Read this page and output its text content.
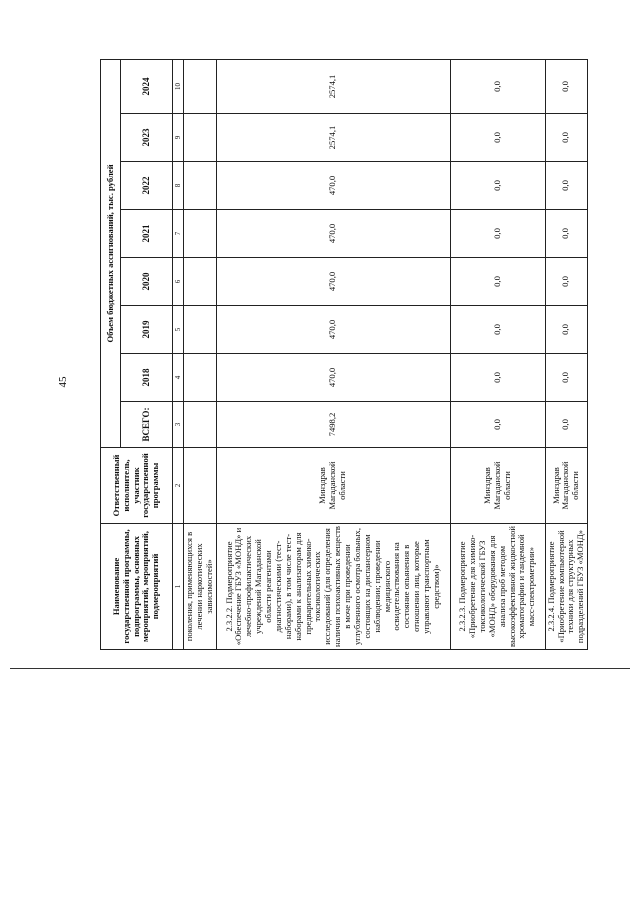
45
Наименование государственной программы, подпрограммы, основных мероприятий, мероприятий, подмероприятий	Ответственный исполнитель, участник государственной программы	Объем бюджетных ассигнований, тыс. рублей							
		ВСЕГО:	2018	2019	2020	2021	2022	2023	2024
1	2	3	4	5	6	7	8	9	10
поколения, применяющихся в лечении наркотических зависимостей»									
2.3.2.2. Подмероприятие «Обеспечение ГБУЗ «МОНД» и лечебно-профилактических учреждений Магаданской области реагентами диагностическими (тест-наборами), в том числе тест-наборами к анализаторам для предварительных химико-токсикологических исследований (для определения наличия психоактивных веществ в моче при проведении углубленного осмотра больных, состоящих на диспансерном наблюдении; проведении медицинского освидетельствования на состояние опьянения в отношении лиц, которые управляют транспортным средством)»	Минздрав Магаданской области	7498,2	470,0	470,0	470,0	470,0	470,0	2574,1	2574,1
2.3.2.3. Подмероприятие «Приобретение для химико-токсикологической ГБУЗ «МОНД» оборудования для анализа проб методом высокоэффективной жидкостной хроматографии и тандемной масс-спектрометрии»	Минздрав Магаданской области	0,0	0,0	0,0	0,0	0,0	0,0	0,0	0,0
2.3.2.4. Подмероприятие «Приобретение компьютерной техники для структурных подразделений ГБУЗ «МОНД»	Минздрав Магаданской области	0,0	0,0	0,0	0,0	0,0	0,0	0,0	0,0
